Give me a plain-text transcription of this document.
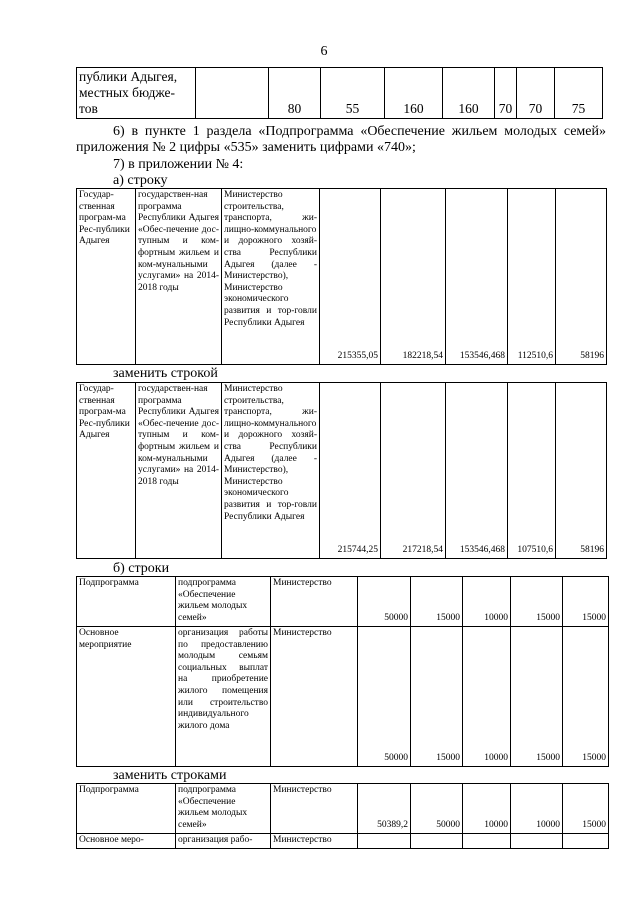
6
публики Адыгея, местных бюдже-тов		80	55	160	160	70	70	75
6) в пункте 1 раздела «Подпрограмма «Обеспечение жильем молодых семей» приложения № 2 цифры «535» заменить цифрами «740»;
7) в приложении № 4:
а) строку
Государ-ственная програм-ма Рес-публики Адыгея	государствен-ная программа Республики Адыгея «Обес-печение дос-тупным и ком-фортным жильем и ком-мунальными услугами» на 2014-2018 годы	Министерство строительства, транспорта, жи-лищно-коммунального и дорожного хозяй-ства Республики Адыгея (далее - Министерство), Министерство экономического развития и тор-говли Республики Адыгея	215355,05	182218,54	153546,468	112510,6	58196
заменить строкой
Государ-ственная програм-ма Рес-публики Адыгея	государствен-ная программа Республики Адыгея «Обес-печение дос-тупным и ком-фортным жильем и ком-мунальными услугами» на 2014-2018 годы	Министерство строительства, транспорта, жи-лищно-коммунального и дорожного хозяй-ства Республики Адыгея (далее - Министерство), Министерство экономического развития и тор-говли Республики Адыгея	215744,25	217218,54	153546,468	107510,6	58196
б) строки
Подпрограмма	подпрограмма «Обеспечение жильем молодых семей»	Министерство	50000	15000	10000	15000	15000
Основное мероприятие	организация работы по предоставлению молодым семьям социальных выплат на приобретение жилого помещения или строительство индивидуального жилого дома	Министерство	50000	15000	10000	15000	15000
заменить строками
Подпрограмма	подпрограмма «Обеспечение жильем молодых семей»	Министерство	50389,2	50000	10000	10000	15000
Основное меро-	организация рабо-	Министерство					
